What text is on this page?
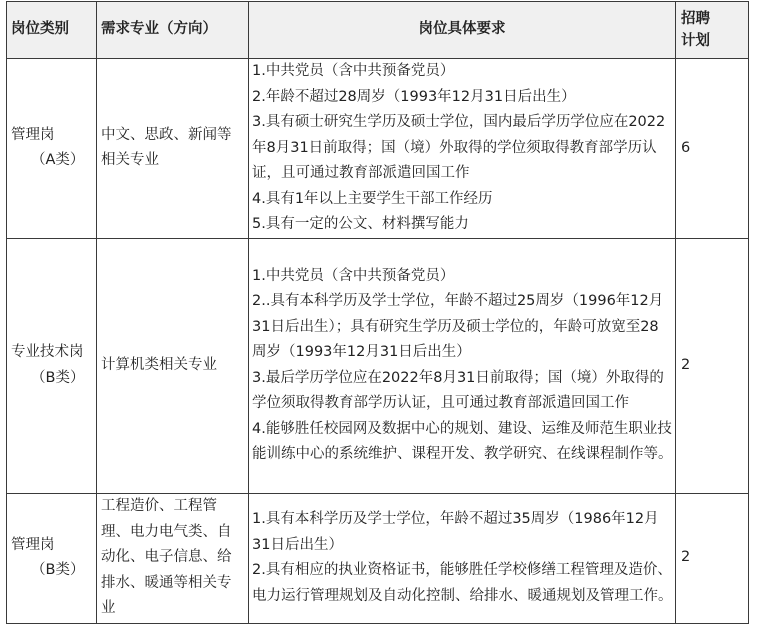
岗位类别	需求专业（方向）	岗位具体要求	招聘
计划

管理岗
（A类）	中文、思政、新闻等相关专业	1.中共党员（含中共预备党员）
2.年龄不超过28周岁（1993年12月31日后出生）
3.具有硕士研究生学历及硕士学位，国内最后学历学位应在2022年8月31日前取得；国（境）外取得的学位须取得教育部学历认证，且可通过教育部派遣回国工作
4.具有1年以上主要学生干部工作经历
5.具有一定的公文、材料撰写能力	6

专业技术岗
（B类）	计算机类相关专业	1.中共党员（含中共预备党员）
2..具有本科学历及学士学位，年龄不超过25周岁（1996年12月31日后出生）；具有研究生学历及硕士学位的，年龄可放宽至28周岁（1993年12月31日后出生）
3.最后学历学位应在2022年8月31日前取得；国（境）外取得的学位须取得教育部学历认证，且可通过教育部派遣回国工作
4.能够胜任校园网及数据中心的规划、建设、运维及师范生职业技能训练中心的系统维护、课程开发、教学研究、在线课程制作等。	2

管理岗
（B类）	工程造价、工程管理、电力电气类、自动化、电子信息、给排水、暖通等相关专业	1.具有本科学历及学士学位，年龄不超过35周岁（1986年12月31日后出生）
2.具有相应的执业资格证书，能够胜任学校修缮工程管理及造价、电力运行管理规划及自动化控制、给排水、暖通规划及管理工作。	2
